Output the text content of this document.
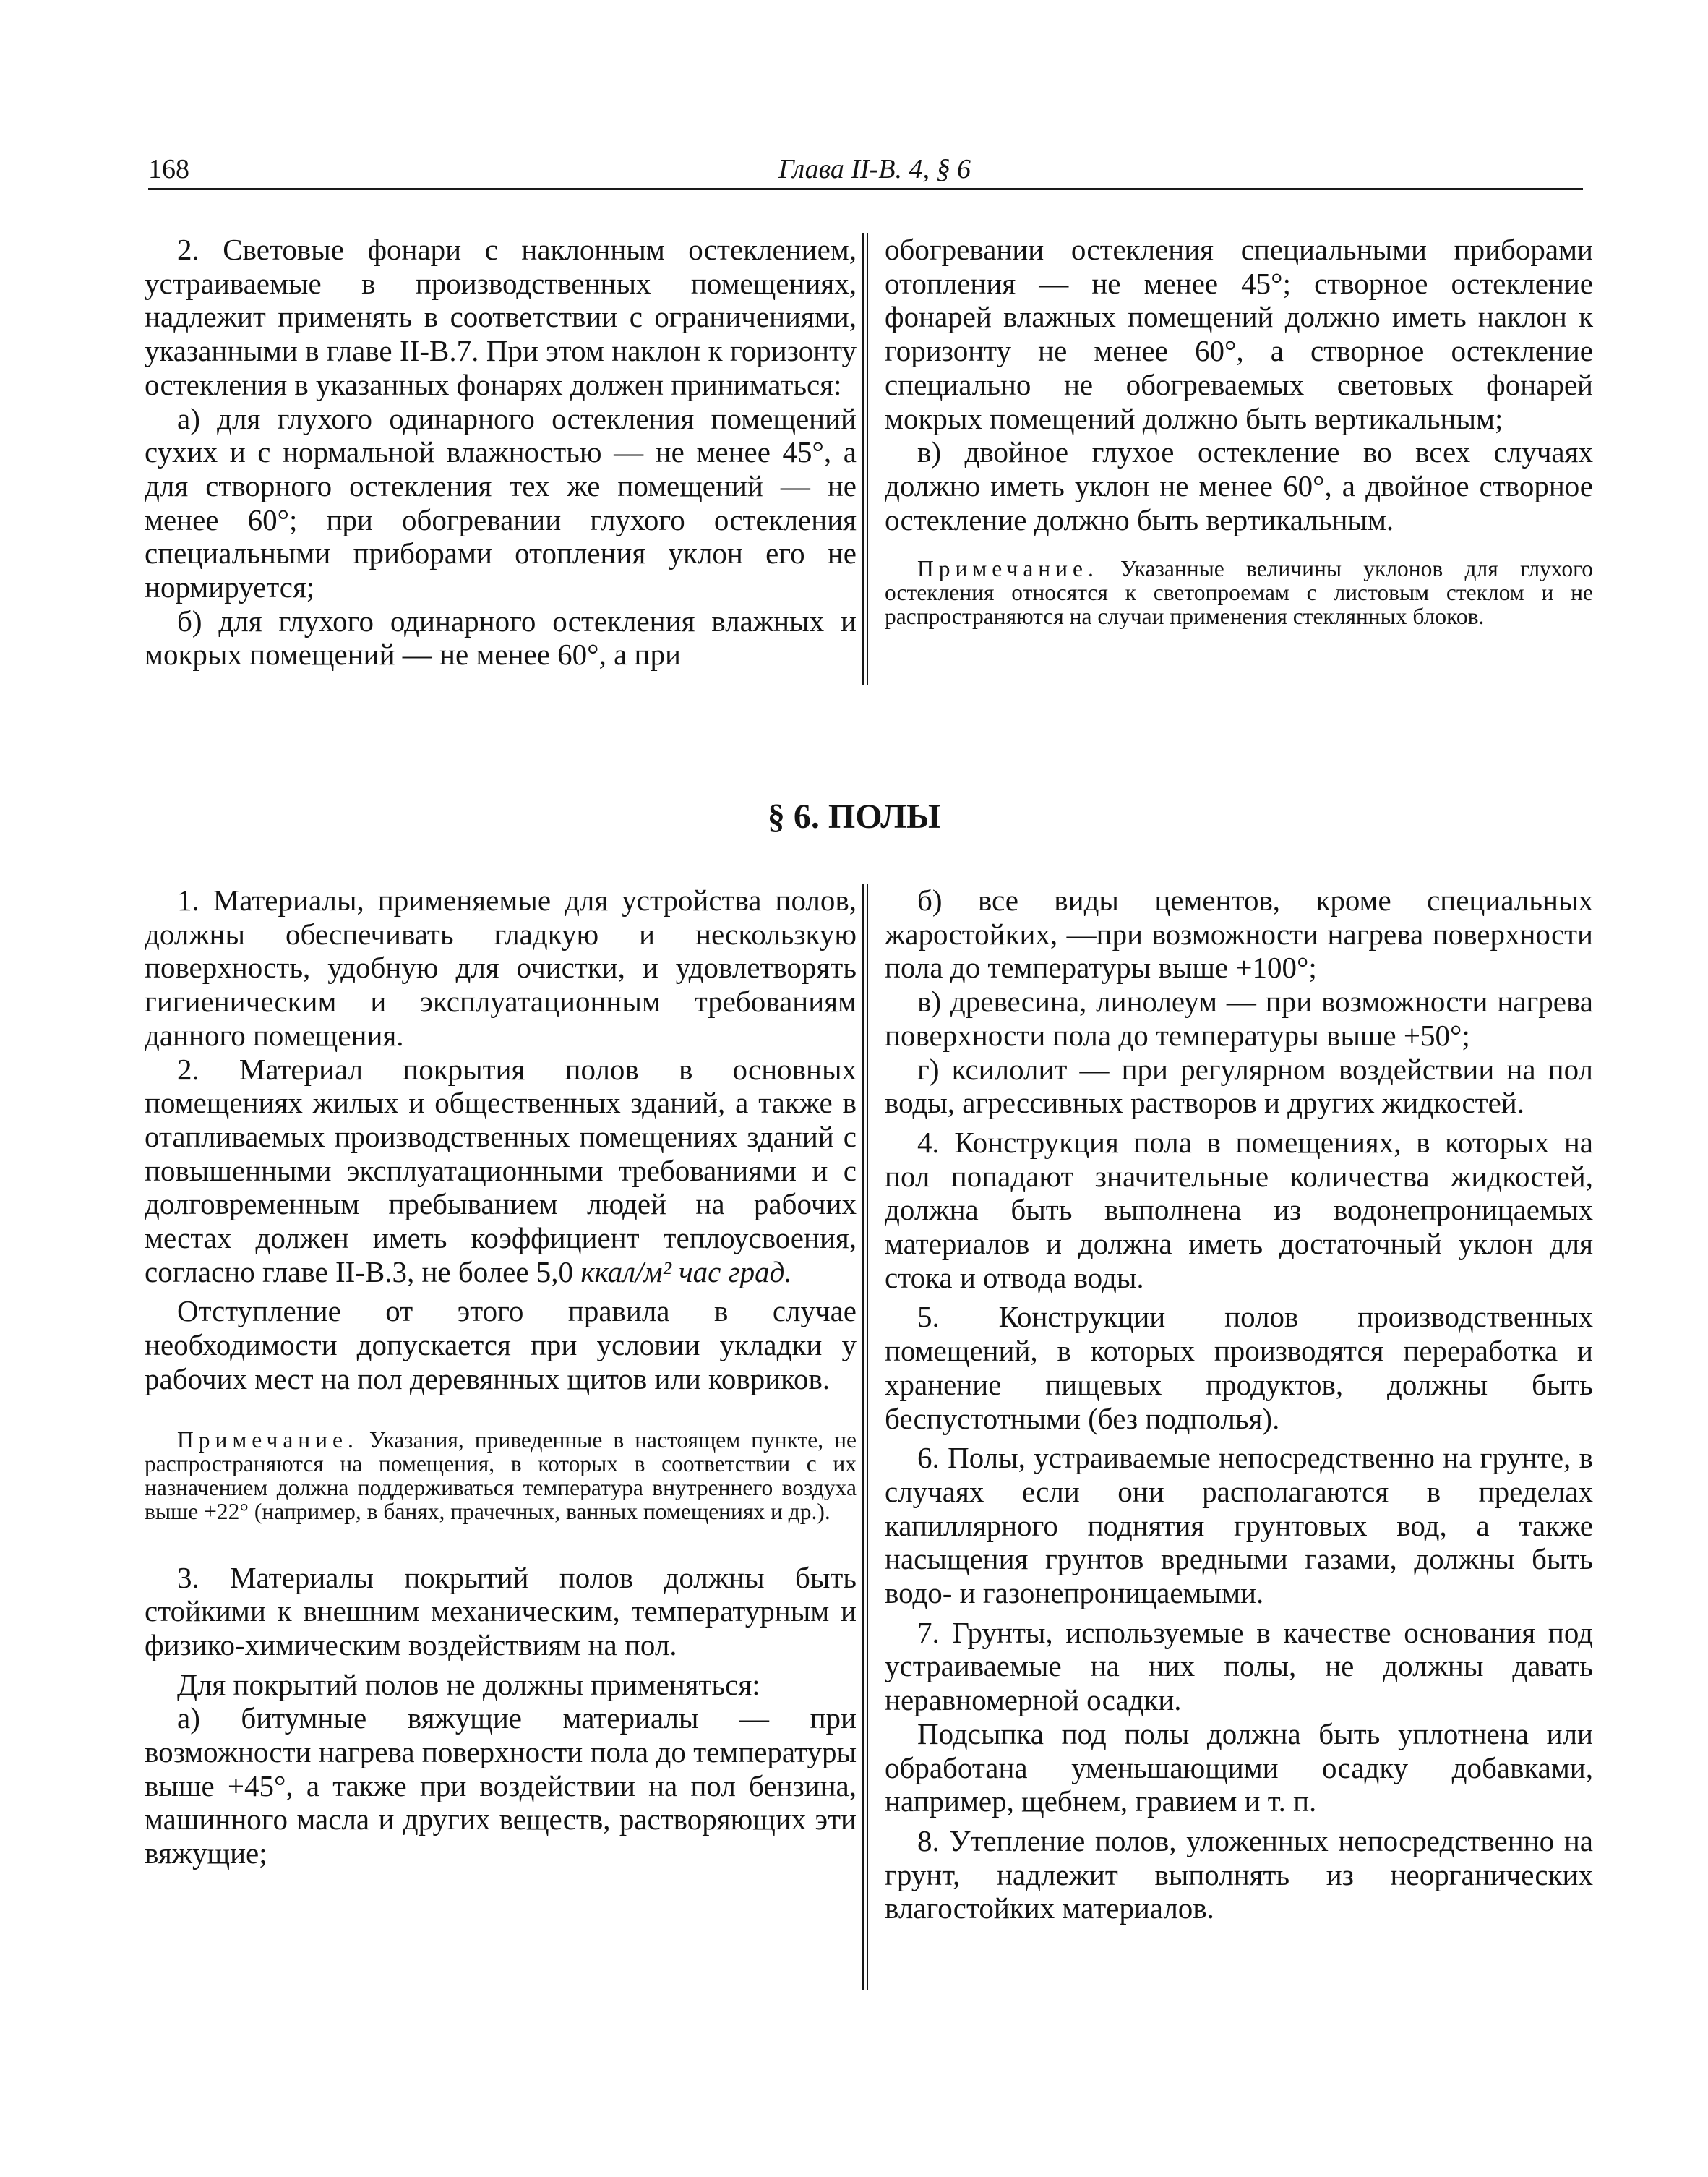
168	Глава II-В. 4, § 6

2. Световые фонари с наклонным остеклением, устраиваемые в производственных помещениях, надлежит применять в соответствии с ограничениями, указанными в главе II-В.7. При этом наклон к горизонту остекления в указанных фонарях должен приниматься:

а) для глухого одинарного остекления помещений сухих и с нормальной влажностью — не менее 45°, а для створного остекления тех же помещений — не менее 60°; при обогревании глухого остекления специальными приборами отопления уклон его не нормируется;

б) для глухого одинарного остекления влажных и мокрых помещений — не менее 60°, а при

обогревании остекления специальными приборами отопления — не менее 45°; створное остекление фонарей влажных помещений должно иметь наклон к горизонту не менее 60°, а створное остекление специально не обогреваемых световых фонарей мокрых помещений должно быть вертикальным;

в) двойное глухое остекление во всех случаях должно иметь уклон не менее 60°, а двойное створное остекление должно быть вертикальным.

Примечание. Указанные величины уклонов для глухого остекления относятся к светопроемам с листовым стеклом и не распространяются на случаи применения стеклянных блоков.

§ 6. ПОЛЫ

1. Материалы, применяемые для устройства полов, должны обеспечивать гладкую и нескользкую поверхность, удобную для очистки, и удовлетворять гигиеническим и эксплуатационным требованиям данного помещения.

2. Материал покрытия полов в основных помещениях жилых и общественных зданий, а также в отапливаемых производственных помещениях зданий с повышенными эксплуатационными требованиями и с долговременным пребыванием людей на рабочих местах должен иметь коэффициент теплоусвоения, согласно главе II-В.3, не более 5,0 ккал/м² час град.

Отступление от этого правила в случае необходимости допускается при условии укладки у рабочих мест на пол деревянных щитов или ковриков.

Примечание. Указания, приведенные в настоящем пункте, не распространяются на помещения, в которых в соответствии с их назначением должна поддерживаться температура внутреннего воздуха выше +22° (например, в банях, прачечных, ванных помещениях и др.).

3. Материалы покрытий полов должны быть стойкими к внешним механическим, температурным и физико-химическим воздействиям на пол.

Для покрытий полов не должны применяться:

а) битумные вяжущие материалы — при возможности нагрева поверхности пола до температуры выше +45°, а также при воздействии на пол бензина, машинного масла и других веществ, растворяющих эти вяжущие;

б) все виды цементов, кроме специальных жаростойких, —при возможности нагрева поверхности пола до температуры выше +100°;

в) древесина, линолеум — при возможности нагрева поверхности пола до температуры выше +50°;

г) ксилолит — при регулярном воздействии на пол воды, агрессивных растворов и других жидкостей.

4. Конструкция пола в помещениях, в которых на пол попадают значительные количества жидкостей, должна быть выполнена из водонепроницаемых материалов и должна иметь достаточный уклон для стока и отвода воды.

5. Конструкции полов производственных помещений, в которых производятся переработка и хранение пищевых продуктов, должны быть беспустотными (без подполья).

6. Полы, устраиваемые непосредственно на грунте, в случаях если они располагаются в пределах капиллярного поднятия грунтовых вод, а также насыщения грунтов вредными газами, должны быть водо- и газонепроницаемыми.

7. Грунты, используемые в качестве основания под устраиваемые на них полы, не должны давать неравномерной осадки.

Подсыпка под полы должна быть уплотнена или обработана уменьшающими осадку добавками, например, щебнем, гравием и т. п.

8. Утепление полов, уложенных непосредственно на грунт, надлежит выполнять из неорганических влагостойких материалов.
